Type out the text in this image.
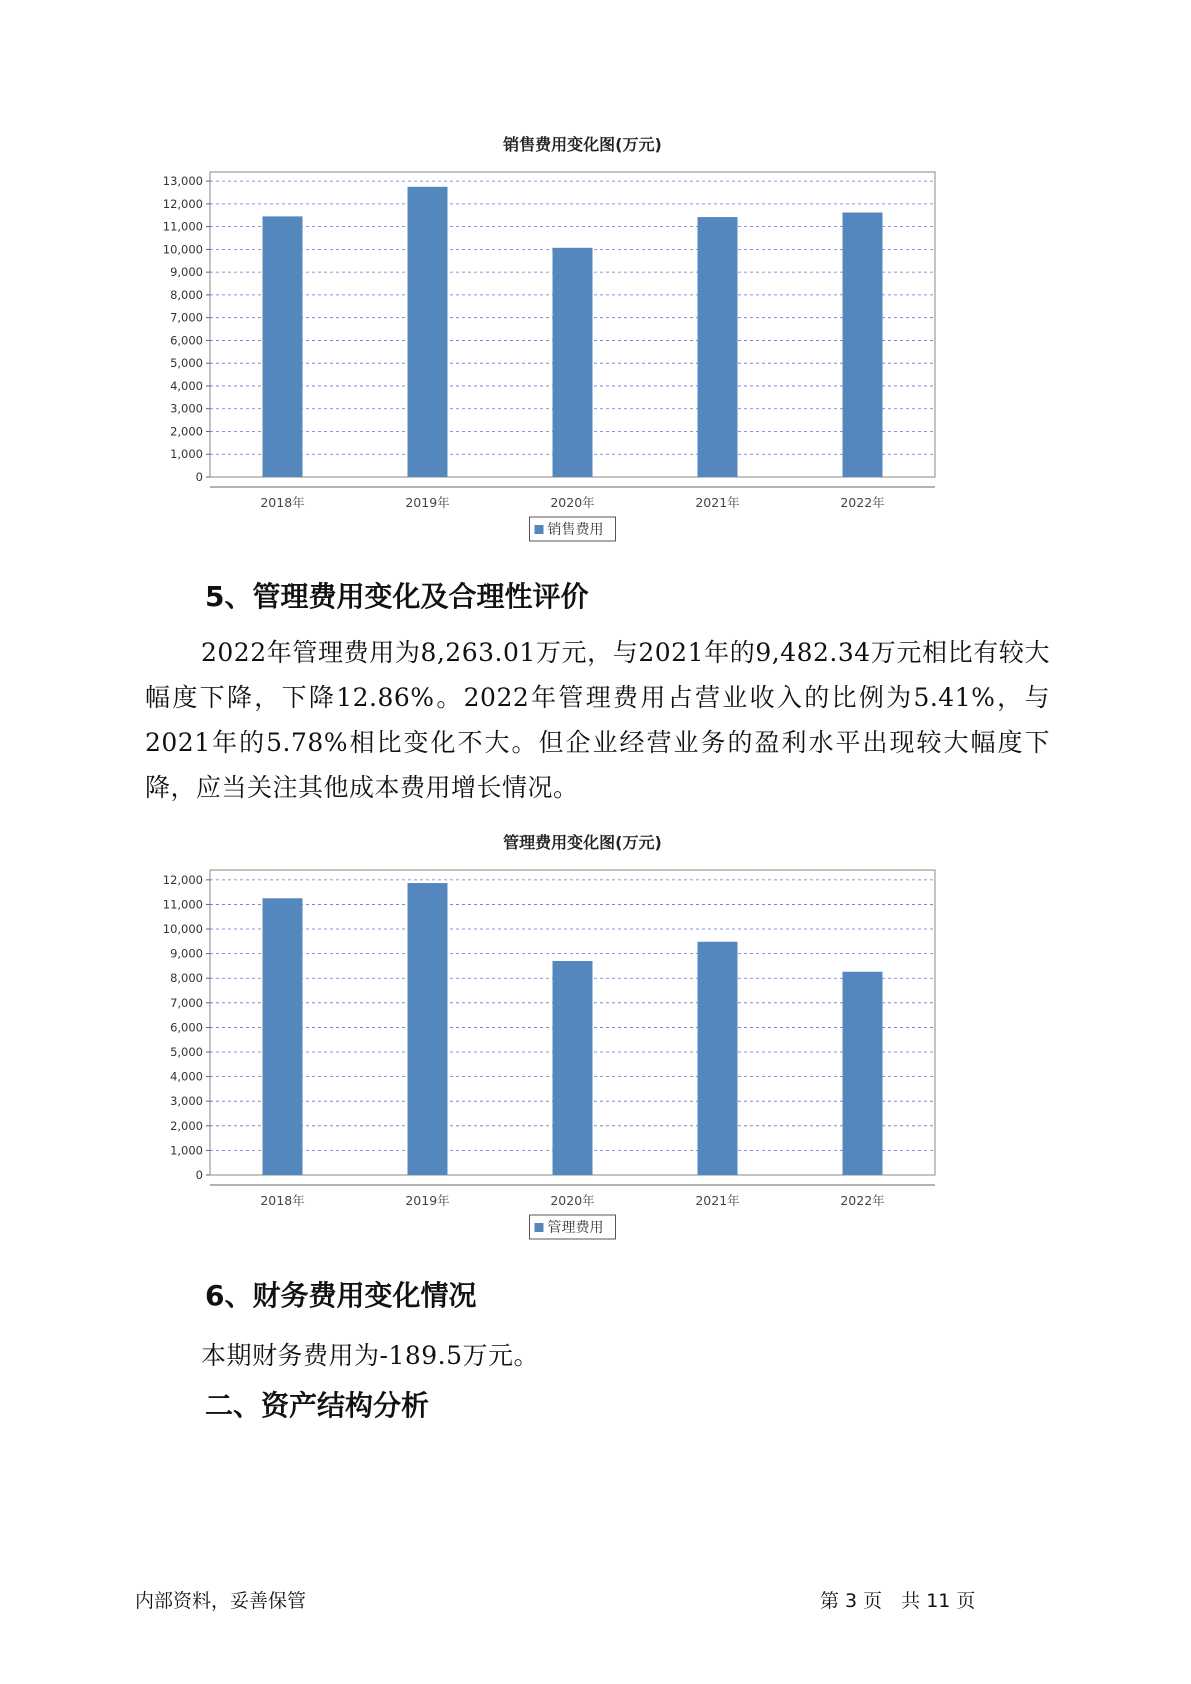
销售费用变化图(万元)
0
1,000
2,000
3,000
4,000
5,000
6,000
7,000
8,000
9,000
10,000
11,000
12,000
13,000
2018年	2019年	2020年	2021年	2022年
销售费用
5、管理费用变化及合理性评价

2022年管理费用为8,263.01万元，与2021年的9,482.34万元相比有较大幅度下降，下降12.86%。2022年管理费用占营业收入的比例为5.41%，与2021年的5.78%相比变化不大。但企业经营业务的盈利水平出现较大幅度下降，应当关注其他成本费用增长情况。

管理费用变化图(万元)
0
1,000
2,000
3,000
4,000
5,000
6,000
7,000
8,000
9,000
10,000
11,000
12,000
2018年	2019年	2020年	2021年	2022年
管理费用
6、财务费用变化情况

本期财务费用为-189.5万元。

二、资产结构分析
内部资料，妥善保管	第 3 页　共 11 页
